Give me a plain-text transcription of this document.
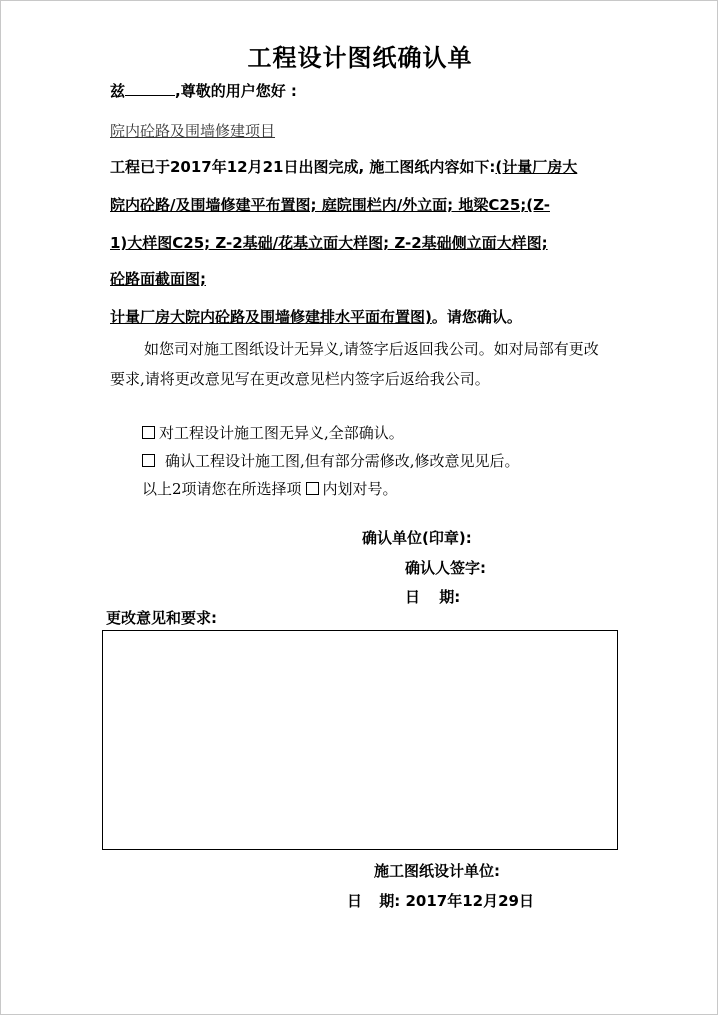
工程设计图纸确认单
兹	,尊敬的用户您好 :
院内砼路及围墙修建项目
工程已于2017年12月21日出图完成, 施工图纸内容如下:(计量厂房大
院内砼路/及围墙修建平布置图; 庭院围栏内/外立面; 地梁C25;(Z-
1)大样图C25; Z-2基础/花基立面大样图; Z-2基础侧立面大样图;
砼路面截面图;
计量厂房大院内砼路及围墙修建排水平面布置图)。请您确认。
如您司对施工图纸设计无异义,请签字后返回我公司。如对局部有更改要求,请将更改意见写在更改意见栏内签字后返给我公司。
对工程设计施工图无异义,全部确认。
确认工程设计施工图,但有部分需修改,修改意见见后。
以上2项请您在所选择项 内划对号。
确认单位(印章):
确认人签字:
日 期:
更改意见和要求:
施工图纸设计单位:
日 期: 2017年12月29日
